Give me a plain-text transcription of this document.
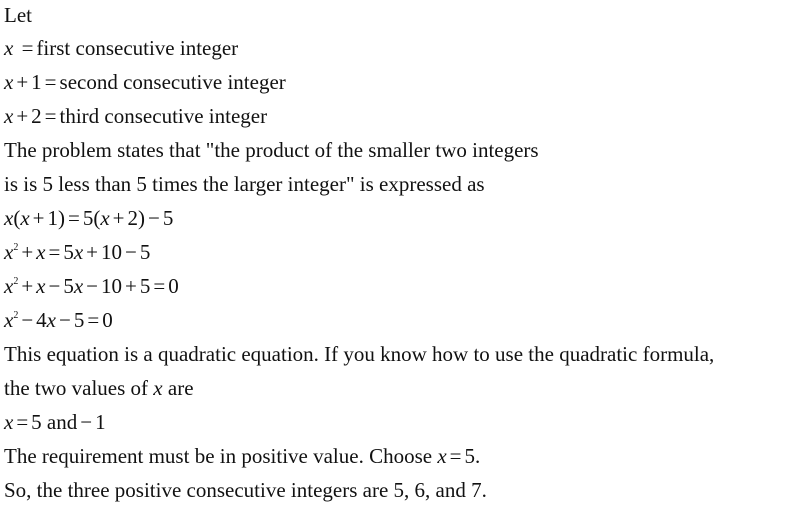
Let
x = first consecutive integer
x + 1 = second consecutive integer
x + 2 = third consecutive integer
The problem states that "the product of the smaller two integers
is is 5 less than 5 times the larger integer" is expressed as
x(x + 1) = 5(x + 2) − 5
$x^2 + x = 5x + 10 - 5$
$x^2 + x - 5x - 10 + 5 = 0$
$x^2 - 4x - 5 = 0$
This equation is a quadratic equation. If you know how to use the quadratic formula,
the two values of x are
x = 5 and − 1
The requirement must be in positive value. Choose x = 5.
So, the three positive consecutive integers are 5, 6, and 7.
